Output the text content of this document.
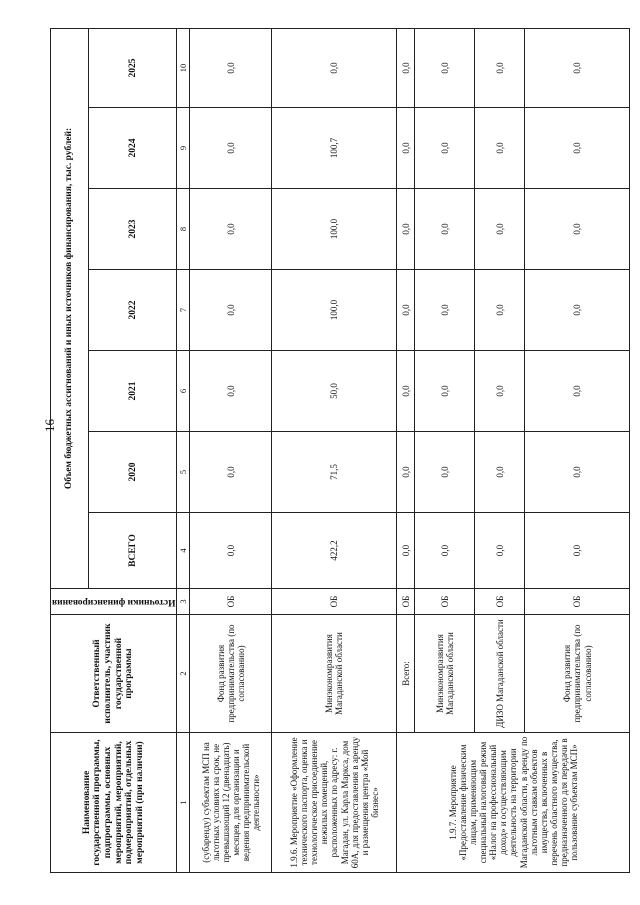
16
Наименование государственной программы, подпрограммы, основных мероприятий, мероприятий, подмероприятий, отдельных мероприятий (при наличии)	Ответственный исполнитель, участник государственной программы	Источники финансирования	Объем бюджетных ассигнований и иных источников финансирования, тыс. рублей:						
			ВСЕГО	2020	2021	2022	2023	2024	2025
1	2	3	4	5	6	7	8	9	10
(субарендy) субъектам МСП на льготных условиях на срок, не превышающий 12 (двенадцать) месяцев, для организации и ведения предпринимательской деятельности»	Фонд развития предпринимательства (по согласованию)	ОБ	0,0	0,0	0,0	0,0	0,0	0,0	0,0
1.9.6. Мероприятие «Оформление технического паспорта, оценка и технологическое присоединение нежилых помещений, расположенных по адресу: г. Магадан, ул. Карла Маркса, дом 60А, для предоставления в аренду и размещения центра «Мой бизнес»	Минэкономразвития Магаданской области	ОБ	422,2	71,5	50,0	100,0	100,0	100,7	0,0
1.9.7. Мероприятие «Предоставление физическим лицам, применяющим специальный налоговый режим «Налог на профессиональный доход» и осуществляющим деятельность на территории Магаданской области, в аренду по льготным ставкам объектов имущества, включенных в перечень областного имущества, предназначенного для передачи в пользование субъектам МСП»	Всего:	ОБ	0,0	0,0	0,0	0,0	0,0	0,0	0,0
	Минэкономразвития Магаданской области	ОБ	0,0	0,0	0,0	0,0	0,0	0,0	0,0
	ДИЗО Магаданской области	ОБ	0,0	0,0	0,0	0,0	0,0	0,0	0,0
	Фонд развития предпринимательства (по согласованию)	ОБ	0,0	0,0	0,0	0,0	0,0	0,0	0,0
